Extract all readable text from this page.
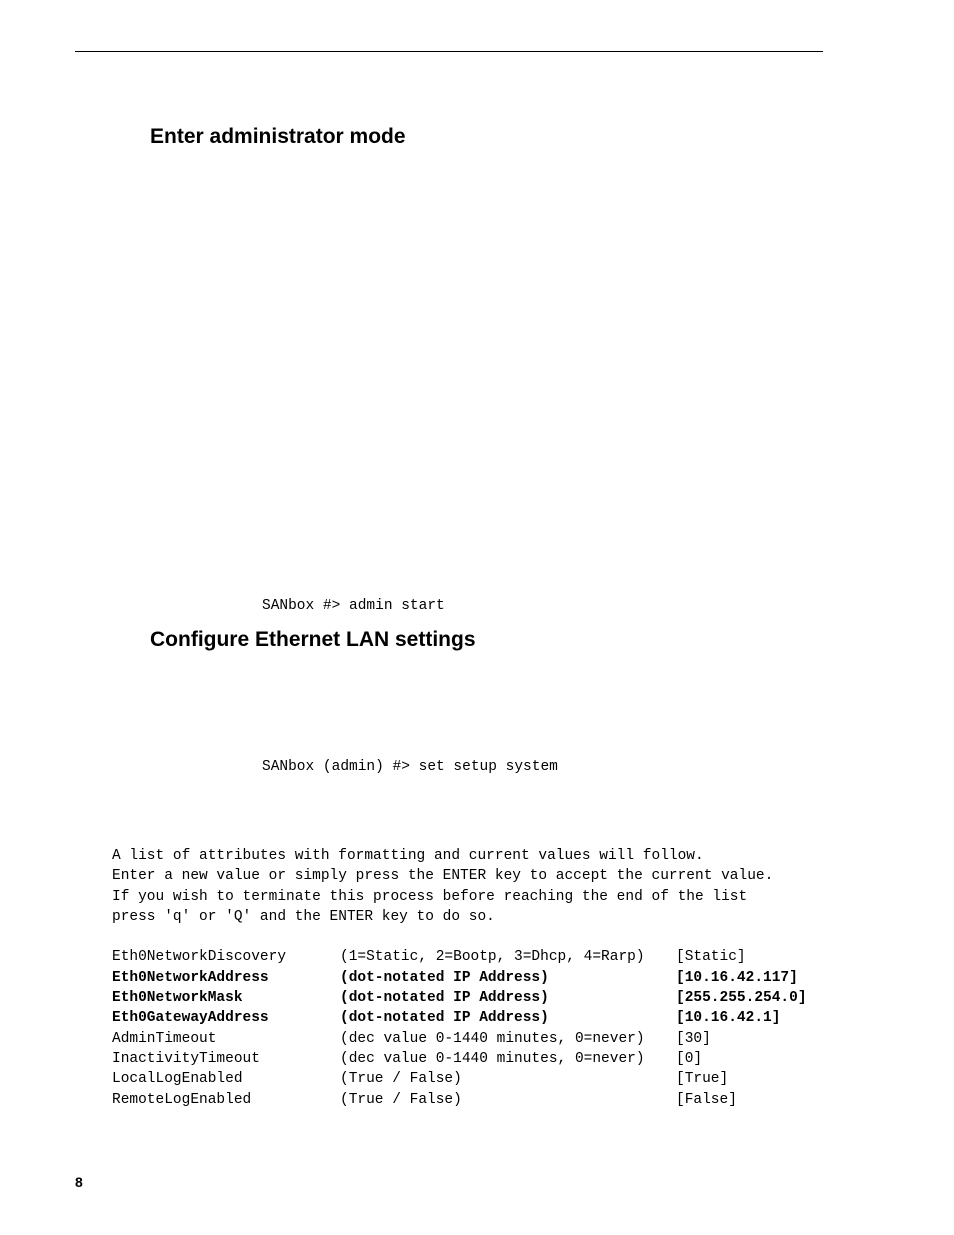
Enter administrator mode
SANbox #> admin start
Configure Ethernet LAN settings
SANbox (admin) #> set setup system
A list of attributes with formatting and current values will follow.
Enter a new value or simply press the ENTER key to accept the current value.
If you wish to terminate this process before reaching the end of the list
press 'q' or 'Q' and the ENTER key to do so.
Eth0NetworkDiscovery	(1=Static, 2=Bootp, 3=Dhcp, 4=Rarp)	[Static]
Eth0NetworkAddress	(dot-notated IP Address)	[10.16.42.117]
Eth0NetworkMask	(dot-notated IP Address)	[255.255.254.0]
Eth0GatewayAddress	(dot-notated IP Address)	[10.16.42.1]
AdminTimeout	(dec value 0-1440 minutes, 0=never)	[30]
InactivityTimeout	(dec value 0-1440 minutes, 0=never)	[0]
LocalLogEnabled	(True / False)	[True]
RemoteLogEnabled	(True / False)	[False]
8
